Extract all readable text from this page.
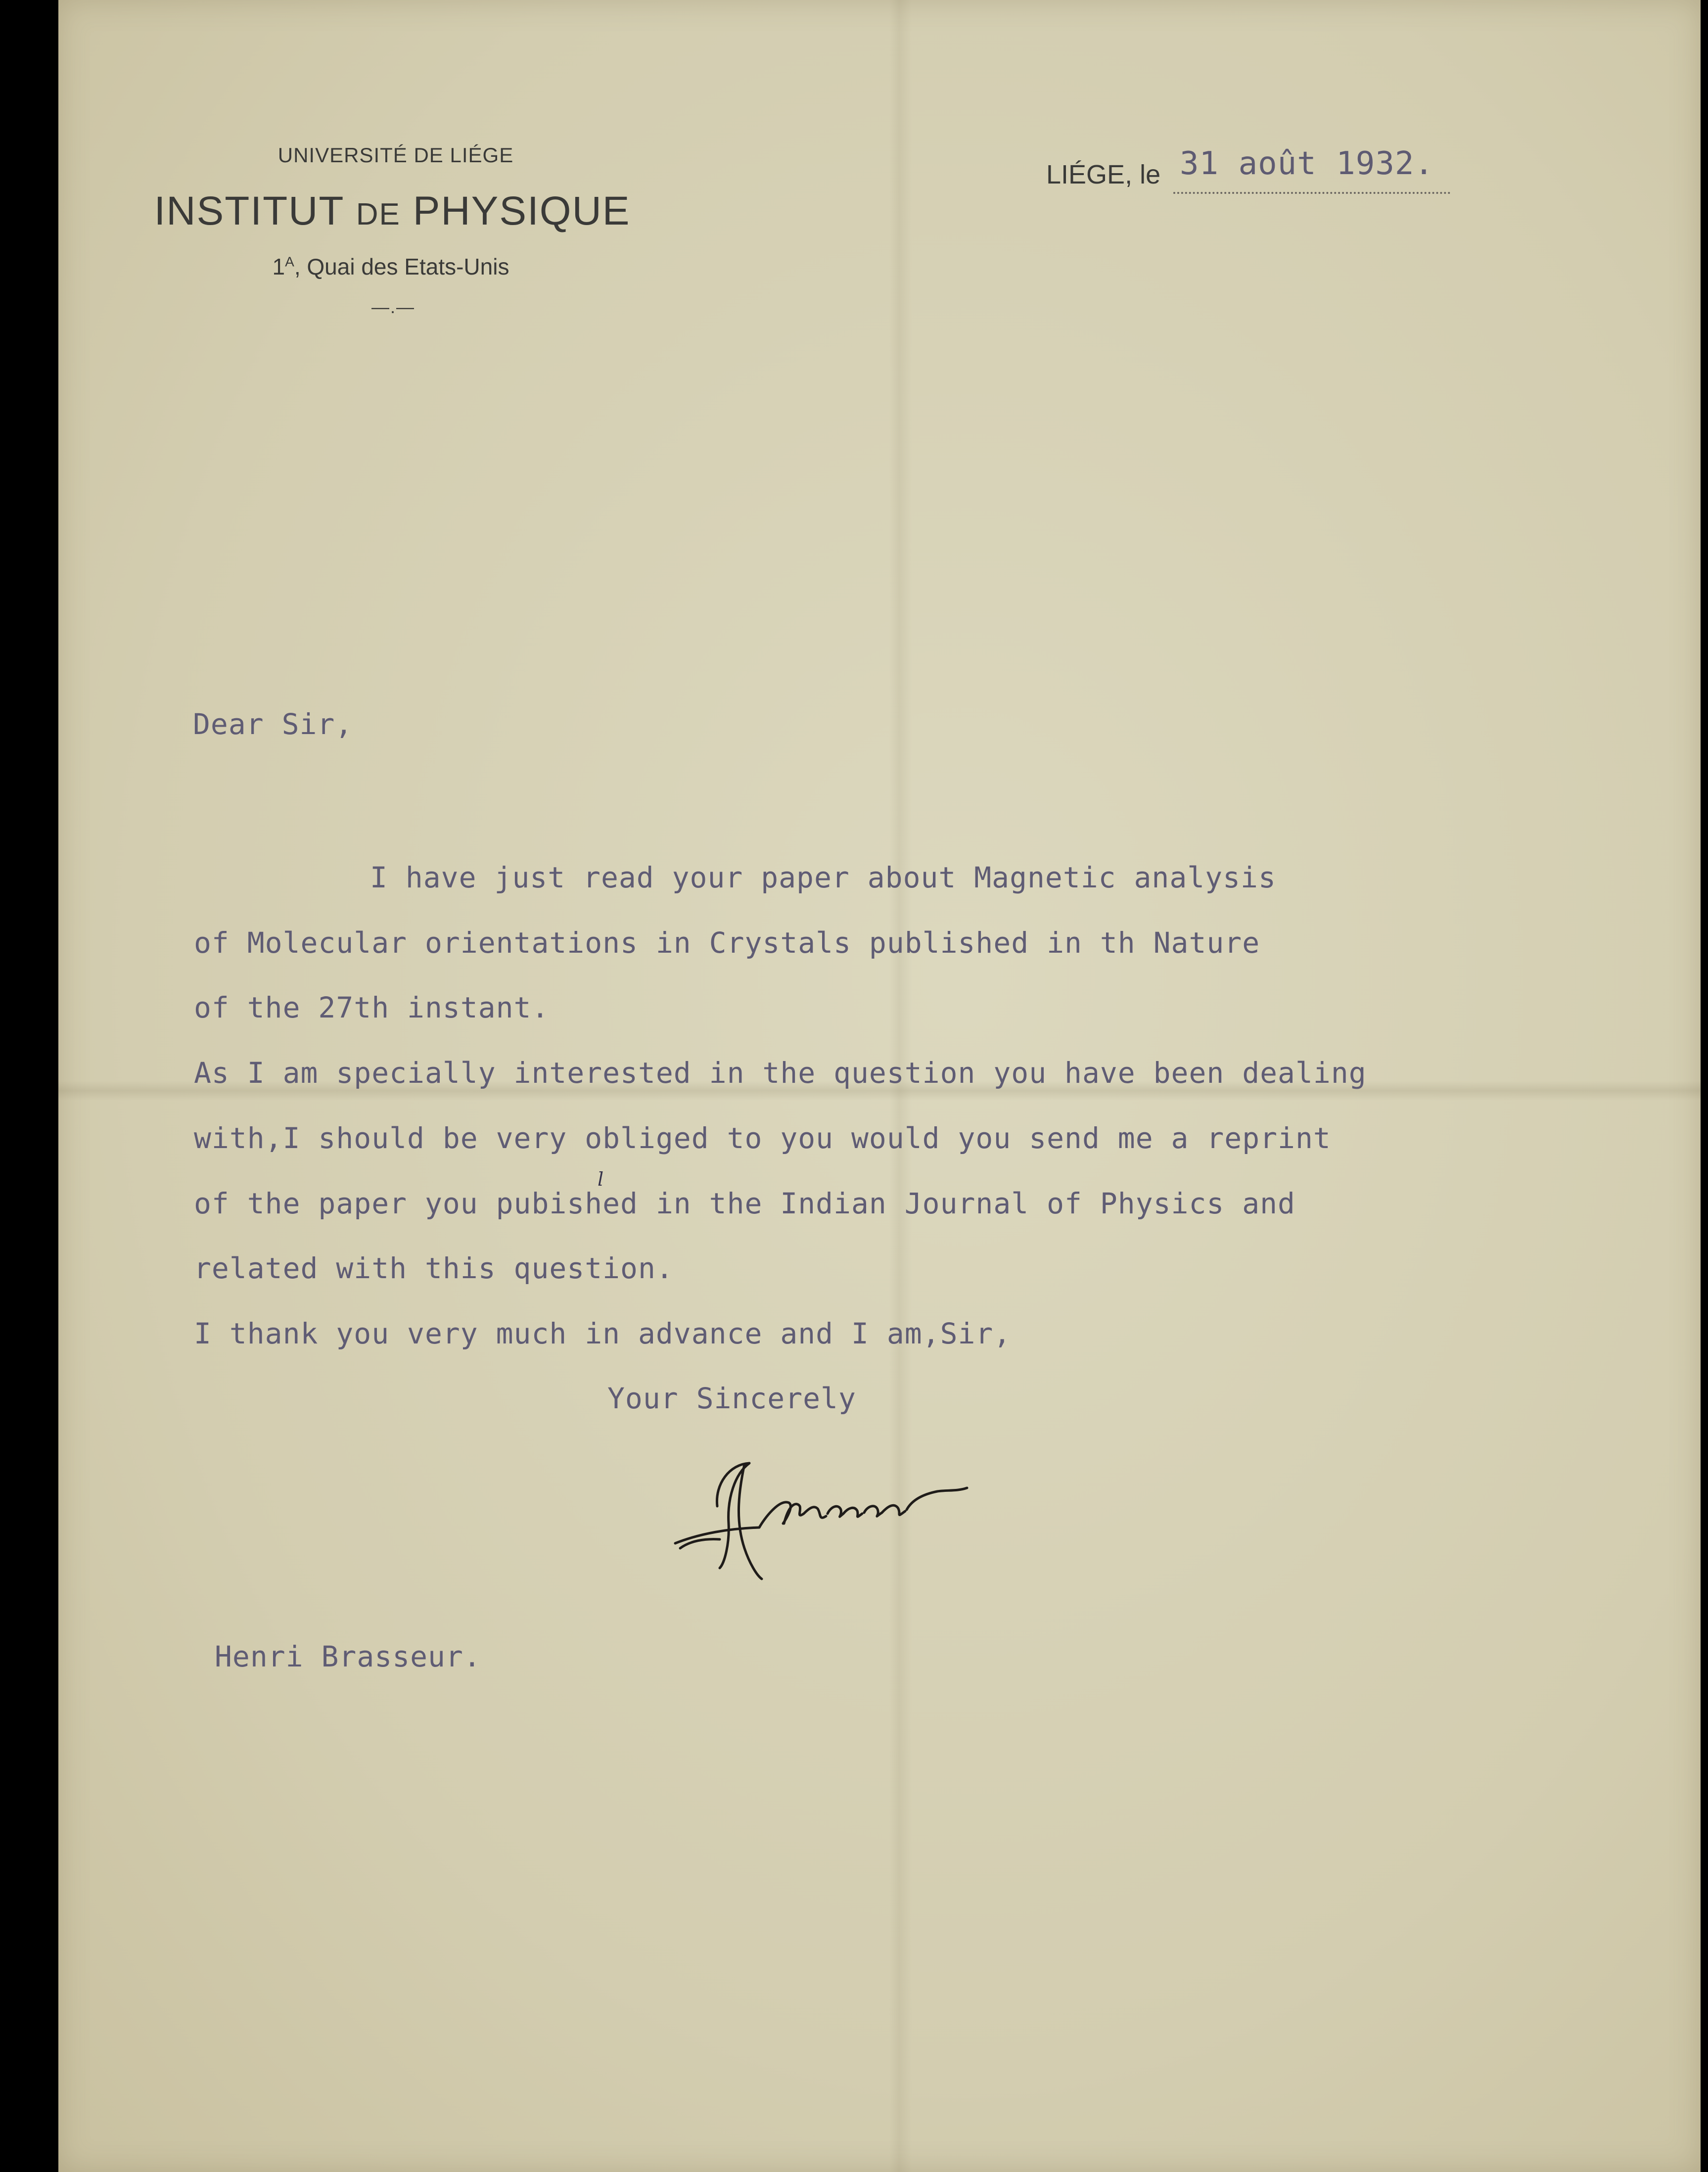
UNIVERSITÉ DE LIÉGE
INSTITUT DE PHYSIQUE
$1^A$, Quai des Etats-Unis
—.—
LIÉGE, le 31 août 1932.
Dear Sir,
I have just read your paper about Magnetic analysis
of Molecular orientations in Crystals published in th Nature
of the 27th instant.
As I am specially interested in the question you have been dealing
with,I should be very obliged to you would you send me a reprint
of the paper you pubished in the Indian Journal of Physics and
l
related with this question.
I thank you very much in advance and I am,Sir,
Your Sincerely
Henri Brasseur.
